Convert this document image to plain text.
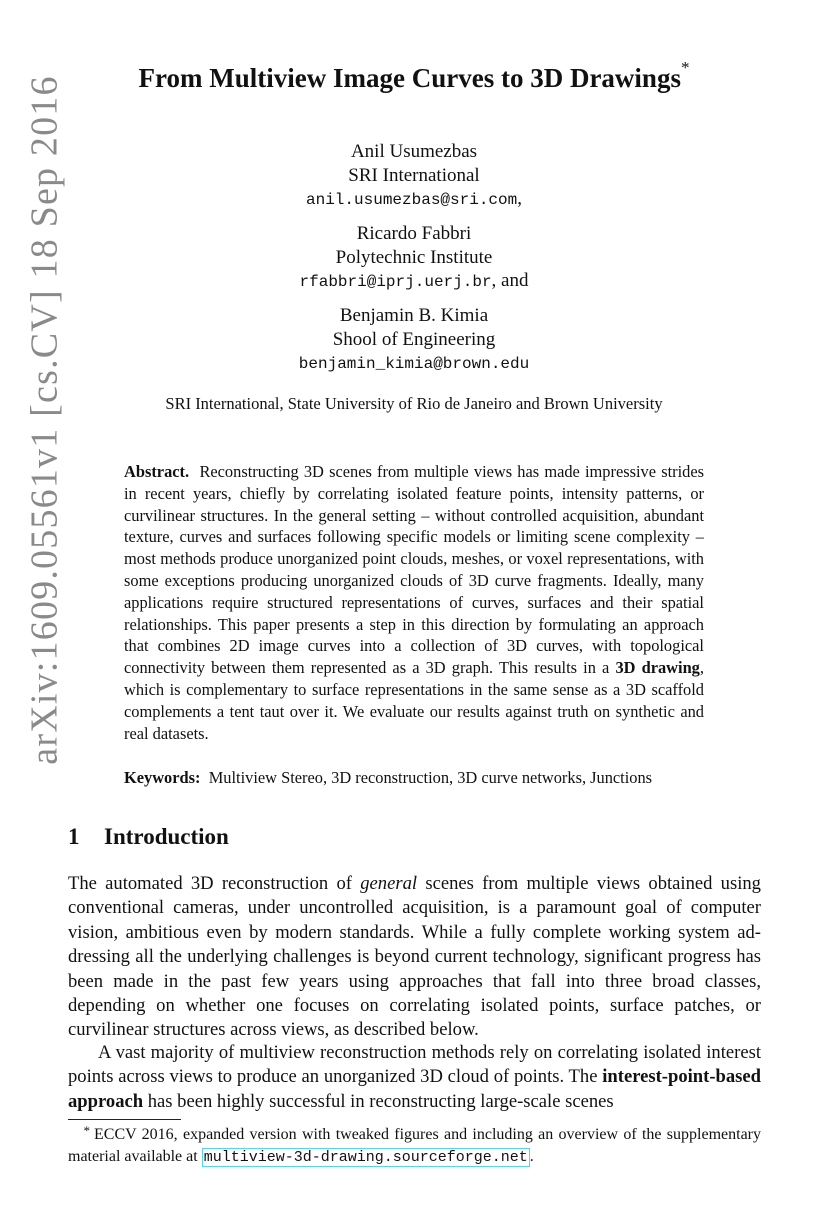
arXiv:1609.05561v1 [cs.CV] 18 Sep 2016	From Multiview Image Curves to 3D Drawings*
Anil Usumezbas
SRI International
anil.usumezbas@sri.com,
Ricardo Fabbri
Polytechnic Institute
rfabbri@iprj.uerj.br, and
Benjamin B. Kimia
Shool of Engineering
benjamin_kimia@brown.edu
SRI International, State University of Rio de Janeiro and Brown University
Abstract. Reconstructing 3D scenes from multiple views has made impressive strides in recent years, chiefly by correlating isolated feature points, intensity patterns, or curvilinear structures. In the general setting – without controlled acquisition, abundant texture, curves and surfaces following specific models or limiting scene complexity – most methods produce unorganized point clouds, meshes, or voxel representations, with some exceptions producing unorganized clouds of 3D curve fragments. Ideally, many applications require structured representations of curves, surfaces and their spatial relationships. This paper presents a step in this direction by formulating an approach that combines 2D image curves into a collection of 3D curves, with topological connectivity between them represented as a 3D graph. This results in a 3D drawing, which is complementary to surface representations in the same sense as a 3D scaffold complements a tent taut over it. We evaluate our results against truth on synthetic and real datasets.
Keywords: Multiview Stereo, 3D reconstruction, 3D curve networks, Junctions
1 Introduction
The automated 3D reconstruction of general scenes from multiple views obtained using conventional cameras, under uncontrolled acquisition, is a paramount goal of computer vision, ambitious even by modern standards. While a fully complete working system addressing all the underlying challenges is beyond current technology, significant progress has been made in the past few years using approaches that fall into three broad classes, depending on whether one focuses on correlating isolated points, surface patches, or curvilinear structures across views, as described below.
A vast majority of multiview reconstruction methods rely on correlating isolated interest points across views to produce an unorganized 3D cloud of points. The interest-point-based approach has been highly successful in reconstructing large-scale scenes
* ECCV 2016, expanded version with tweaked figures and including an overview of the supplementary material available at multiview-3d-drawing.sourceforge.net .
